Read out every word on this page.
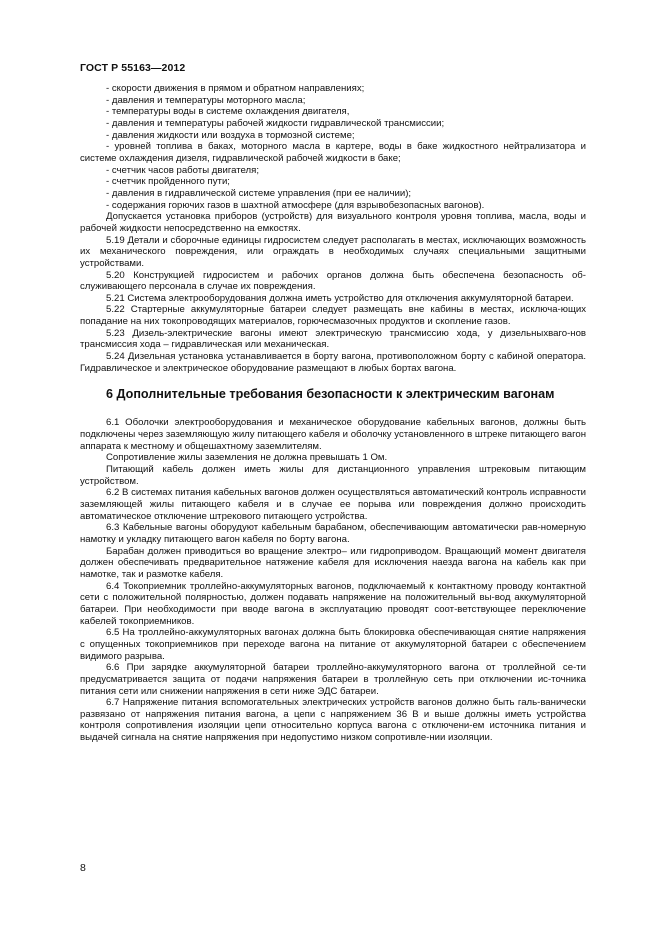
ГОСТ Р 55163—2012

- скорости движения в прямом и обратном направлениях;

- давления и температуры моторного масла;

- температуры воды в системе охлаждения двигателя,

- давления и температуры рабочей жидкости гидравлической трансмиссии;

- давления жидкости или воздуха в тормозной системе;

- уровней топлива в баках, моторного масла в картере, воды в баке жидкостного нейтрализатора и системе охлаждения дизеля, гидравлической рабочей жидкости в баке;

- счетчик часов работы двигателя;

- счетчик пройденного пути;

- давления в гидравлической системе управления (при ее наличии);

- содержания горючих газов в шахтной атмосфере (для взрывобезопасных вагонов).

Допускается установка приборов (устройств) для визуального контроля уровня топлива, масла, воды и рабочей жидкости непосредственно на емкостях.

5.19 Детали и сборочные единицы гидросистем следует располагать в местах, исключающих возможность их механического повреждения, или ограждать в необходимых случаях специальными защитными устройствами.

5.20 Конструкцией гидросистем и рабочих органов должна быть обеспечена безопасность об-служивающего персонала в случае их повреждения.

5.21 Система электрооборудования должна иметь устройство для отключения аккумуляторной батареи.

5.22 Стартерные аккумуляторные батареи следует размещать вне кабины в местах, исключа-ющих попадание на них токопроводящих материалов, горючесмазочных продуктов и скопление газов.

5.23 Дизель-электрические вагоны имеют электрическую трансмиссию хода, у дизельныхваго-нов трансмиссия хода – гидравлическая или механическая.

5.24 Дизельная установка устанавливается в борту вагона, противоположном борту с кабиной оператора. Гидравлическое и электрическое оборудование размещают в любых бортах вагона.

6 Дополнительные требования безопасности к электрическим вагонам

6.1 Оболочки электрооборудования и механическое оборудование кабельных вагонов, должны быть подключены через заземляющую жилу питающего кабеля и оболочку установленного в штреке питающего вагон аппарата к местному и общешахтному заземлителям.

Сопротивление жилы заземления не должна превышать 1 Ом.

Питающий кабель должен иметь жилы для дистанционного управления штрековым питающим устройством.

6.2 В системах питания кабельных вагонов должен осуществляться автоматический контроль исправности заземляющей жилы питающего кабеля и в случае ее порыва или повреждения должно происходить автоматическое отключение штрекового питающего устройства.

6.3 Кабельные вагоны оборудуют кабельным барабаном, обеспечивающим автоматически рав-номерную намотку и укладку питающего вагон кабеля по борту вагона.

Барабан должен приводиться во вращение электро– или гидроприводом. Вращающий момент двигателя должен обеспечивать предварительное натяжение кабеля для исключения наезда вагона на кабель как при намотке, так и размотке кабеля.

6.4 Токоприемник троллейно-аккумуляторных вагонов, подключаемый к контактному проводу контактной сети с положительной полярностью, должен подавать напряжение на положительный вы-вод аккумуляторной батареи. При необходимости при вводе вагона в эксплуатацию проводят соот-ветствующее переключение кабелей токоприемников.

6.5 На троллейно-аккумуляторных вагонах должна быть блокировка обеспечивающая снятие напряжения с опущенных токоприемников при переходе вагона на питание от аккумуляторной батареи с обеспечением видимого разрыва.

6.6 При зарядке аккумуляторной батареи троллейно-аккумуляторного вагона от троллейной се-ти предусматривается защита от подачи напряжения батареи в троллейную сеть при отключении ис-точника питания сети или снижении напряжения в сети ниже ЭДС батареи.

6.7 Напряжение питания вспомогательных электрических устройств вагонов должно быть галь-ванически развязано от напряжения питания вагона, а цепи с напряжением 36 В и выше должны иметь устройства контроля сопротивления изоляции цепи относительно корпуса вагона с отключени-ем источника питания и выдачей сигнала на снятие напряжения при недопустимо низком сопротивле-нии изоляции.

8
